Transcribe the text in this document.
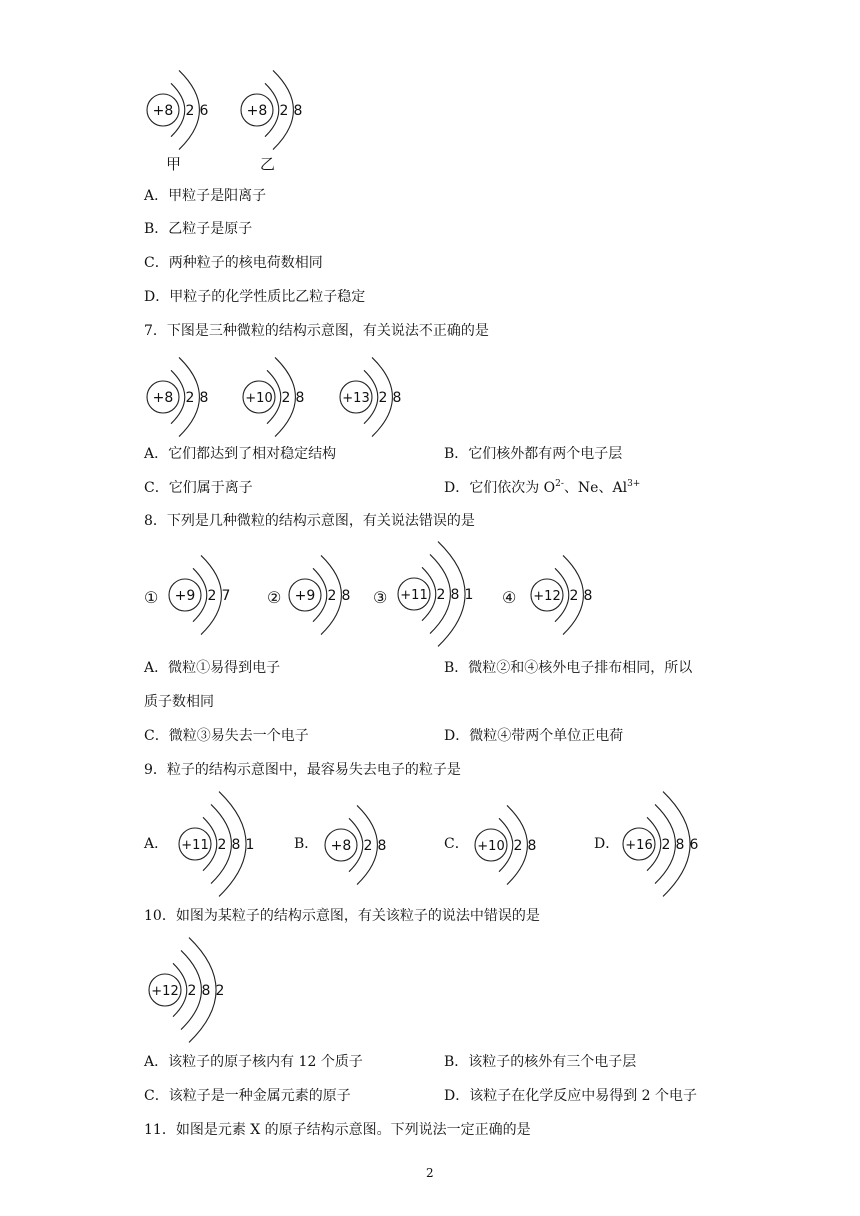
+8 2 6	+8 2 8
甲	乙
A．甲粒子是阳离子
B．乙粒子是原子
C．两种粒子的核电荷数相同
D．甲粒子的化学性质比乙粒子稳定
7．下图是三种微粒的结构示意图，有关说法不正确的是
+8 2 8	+10 2 8	+13 2 8
A．它们都达到了相对稳定结构	B．它们核外都有两个电子层
C．它们属于离子	D．它们依次为 $O^{2-}$、Ne、$Al^{3+}$
8．下列是几种微粒的结构示意图，有关说法错误的是
① +9 2 7 ② +9 2 8 ③ +11 2 8 1 ④ +12 2 8
A．微粒①易得到电子	B．微粒②和④核外电子排布相同，所以
质子数相同
C．微粒③易失去一个电子	D．微粒④带两个单位正电荷
9．粒子的结构示意图中，最容易失去电子的粒子是
A． +11 2 8 1	B． +8 2 8	C． +10 2 8	D． +16 2 8 6
10．如图为某粒子的结构示意图，有关该粒子的说法中错误的是
+12 2 8 2
A．该粒子的原子核内有 12 个质子	B．该粒子的核外有三个电子层
C．该粒子是一种金属元素的原子	D．该粒子在化学反应中易得到 2 个电子
11．如图是元素 X 的原子结构示意图。下列说法一定正确的是
2
